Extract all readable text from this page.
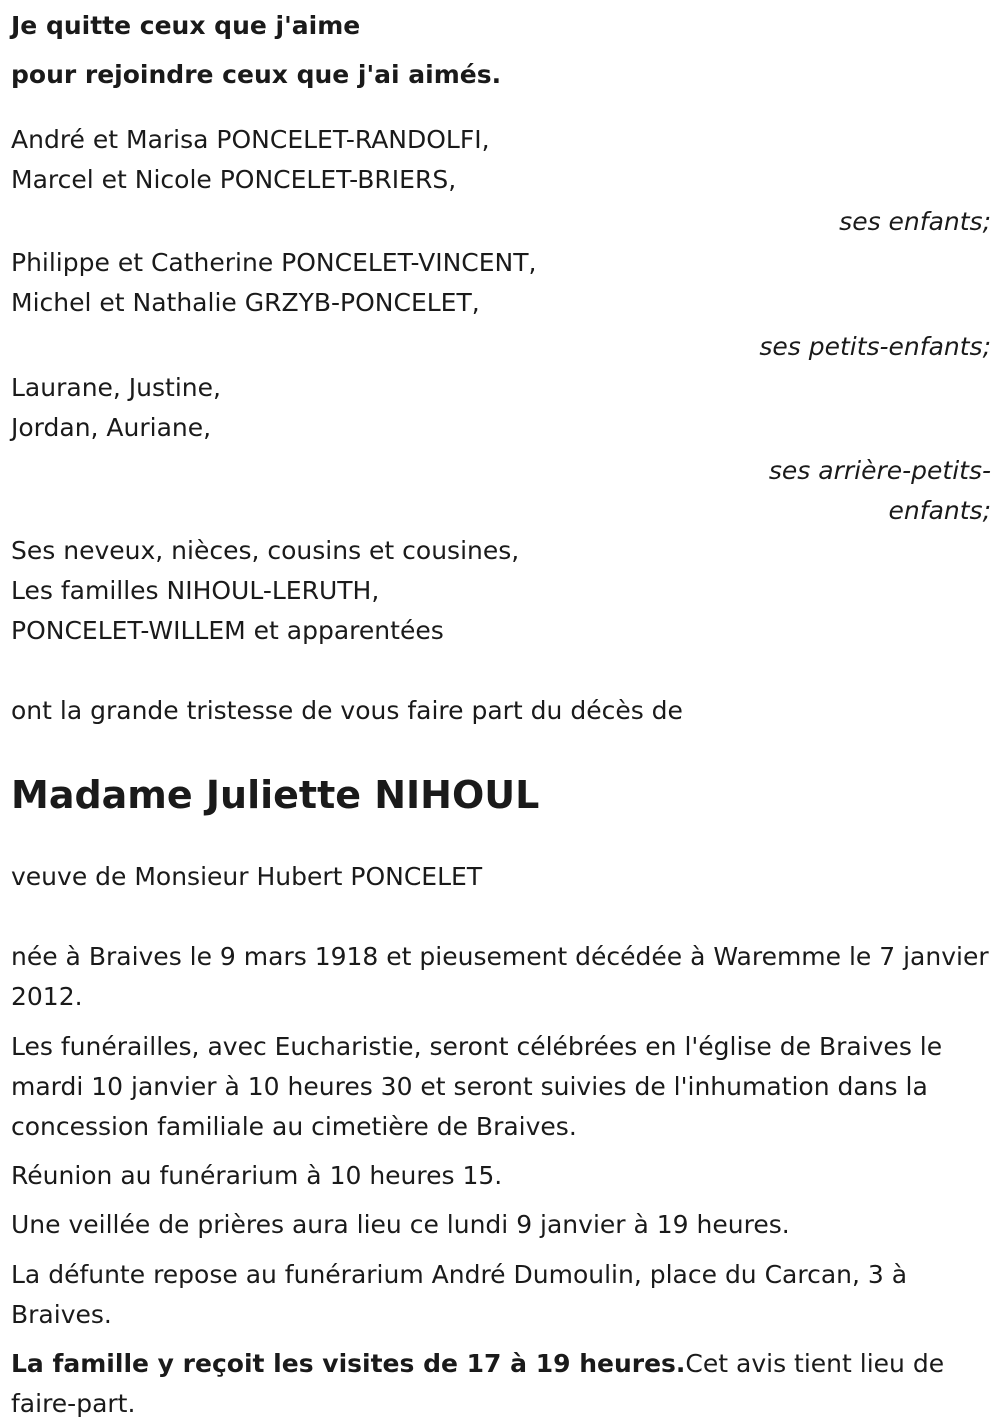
Je quitte ceux que j'aime
pour rejoindre ceux que j'ai aimés.
André et Marisa PONCELET-RANDOLFI,
Marcel et Nicole PONCELET-BRIERS,
ses enfants;
Philippe et Catherine PONCELET-VINCENT,
Michel et Nathalie GRZYB-PONCELET,
ses petits-enfants;
Laurane, Justine,
Jordan, Auriane,
ses arrière-petits-
enfants;
Ses neveux, nièces, cousins et cousines,
Les familles NIHOUL-LERUTH,
PONCELET-WILLEM et apparentées
ont la grande tristesse de vous faire part du décès de
Madame Juliette NIHOUL
veuve de Monsieur Hubert PONCELET
née à Braives le 9 mars 1918 et pieusement décédée à Waremme le 7 janvier 2012.
Les funérailles, avec Eucharistie, seront célébrées en l'église de Braives le mardi 10 janvier à 10 heures 30 et seront suivies de l'inhumation dans la concession familiale au cimetière de Braives.
Réunion au funérarium à 10 heures 15.
Une veillée de prières aura lieu ce lundi 9 janvier à 19 heures.
La défunte repose au funérarium André Dumoulin, place du Carcan, 3 à Braives.
La famille y reçoit les visites de 17 à 19 heures.Cet avis tient lieu de faire-part.
